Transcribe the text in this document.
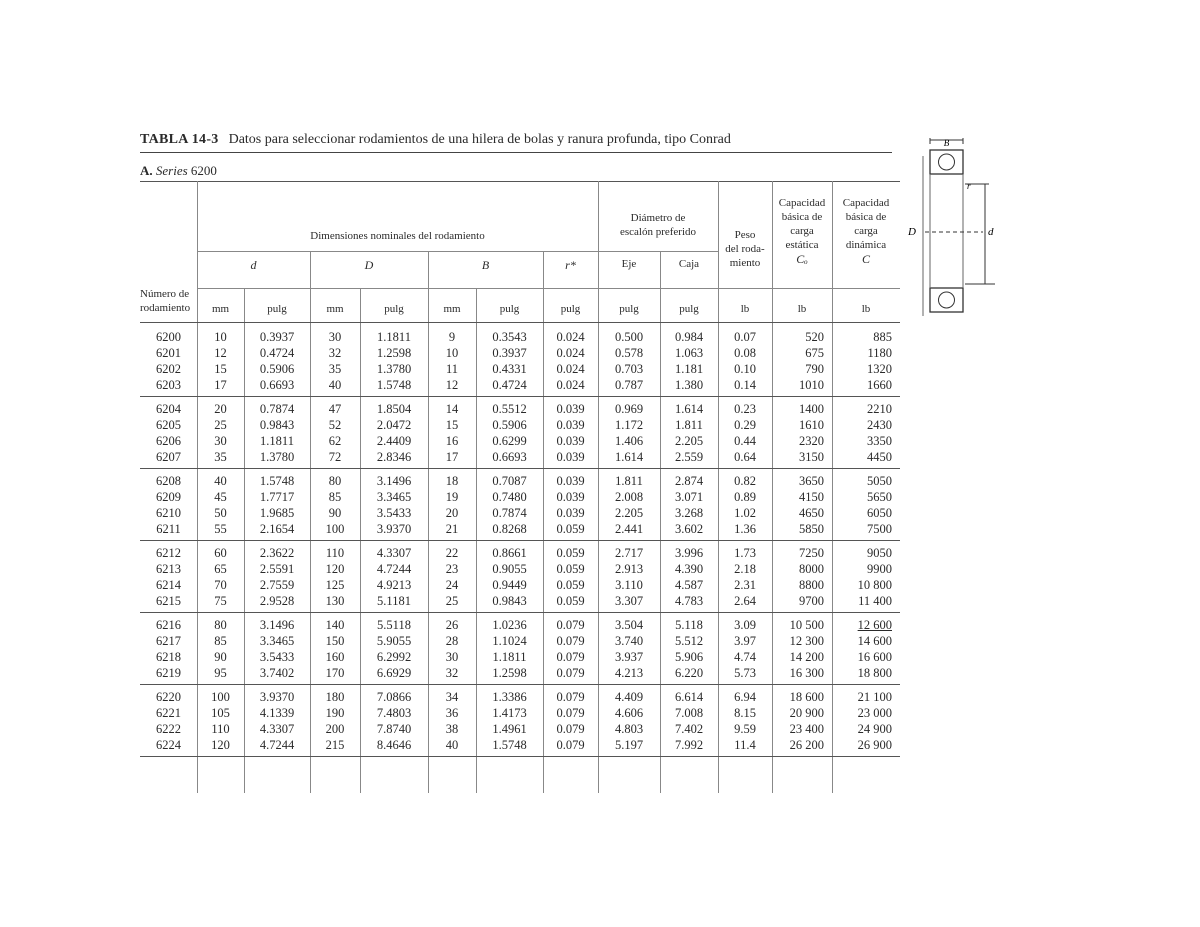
TABLA 14-3 Datos para seleccionar rodamientos de una hilera de bolas y ranura profunda, tipo Conrad
A. Series 6200
Número de
rodamiento
Dimensiones nominales del rodamiento
d	D	B	r*
Diámetro de
escalón preferido
Eje	Caja
Peso
del roda-
miento
Capacidad
básica de
carga
estática
Cₒ
Capacidad
básica de
carga
dinámica
C
mm	pulg	mm	pulg	mm	pulg	pulg	pulg	pulg	lb	lb	lb
6200	10	0.3937	30	1.1811	9	0.3543	0.024	0.500	0.984	0.07	520	885
6201	12	0.4724	32	1.2598	10	0.3937	0.024	0.578	1.063	0.08	675	1180
6202	15	0.5906	35	1.3780	11	0.4331	0.024	0.703	1.181	0.10	790	1320
6203	17	0.6693	40	1.5748	12	0.4724	0.024	0.787	1.380	0.14	1010	1660
6204	20	0.7874	47	1.8504	14	0.5512	0.039	0.969	1.614	0.23	1400	2210
6205	25	0.9843	52	2.0472	15	0.5906	0.039	1.172	1.811	0.29	1610	2430
6206	30	1.1811	62	2.4409	16	0.6299	0.039	1.406	2.205	0.44	2320	3350
6207	35	1.3780	72	2.8346	17	0.6693	0.039	1.614	2.559	0.64	3150	4450
6208	40	1.5748	80	3.1496	18	0.7087	0.039	1.811	2.874	0.82	3650	5050
6209	45	1.7717	85	3.3465	19	0.7480	0.039	2.008	3.071	0.89	4150	5650
6210	50	1.9685	90	3.5433	20	0.7874	0.039	2.205	3.268	1.02	4650	6050
6211	55	2.1654	100	3.9370	21	0.8268	0.059	2.441	3.602	1.36	5850	7500
6212	60	2.3622	110	4.3307	22	0.8661	0.059	2.717	3.996	1.73	7250	9050
6213	65	2.5591	120	4.7244	23	0.9055	0.059	2.913	4.390	2.18	8000	9900
6214	70	2.7559	125	4.9213	24	0.9449	0.059	3.110	4.587	2.31	8800	10 800
6215	75	2.9528	130	5.1181	25	0.9843	0.059	3.307	4.783	2.64	9700	11 400
6216	80	3.1496	140	5.5118	26	1.0236	0.079	3.504	5.118	3.09	10 500	12 600
6217	85	3.3465	150	5.9055	28	1.1024	0.079	3.740	5.512	3.97	12 300	14 600
6218	90	3.5433	160	6.2992	30	1.1811	0.079	3.937	5.906	4.74	14 200	16 600
6219	95	3.7402	170	6.6929	32	1.2598	0.079	4.213	6.220	5.73	16 300	18 800
6220	100	3.9370	180	7.0866	34	1.3386	0.079	4.409	6.614	6.94	18 600	21 100
6221	105	4.1339	190	7.4803	36	1.4173	0.079	4.606	7.008	8.15	20 900	23 000
6222	110	4.3307	200	7.8740	38	1.4961	0.079	4.803	7.402	9.59	23 400	24 900
6224	120	4.7244	215	8.4646	40	1.5748	0.079	5.197	7.992	11.4	26 200	26 900
B
D	d
r
